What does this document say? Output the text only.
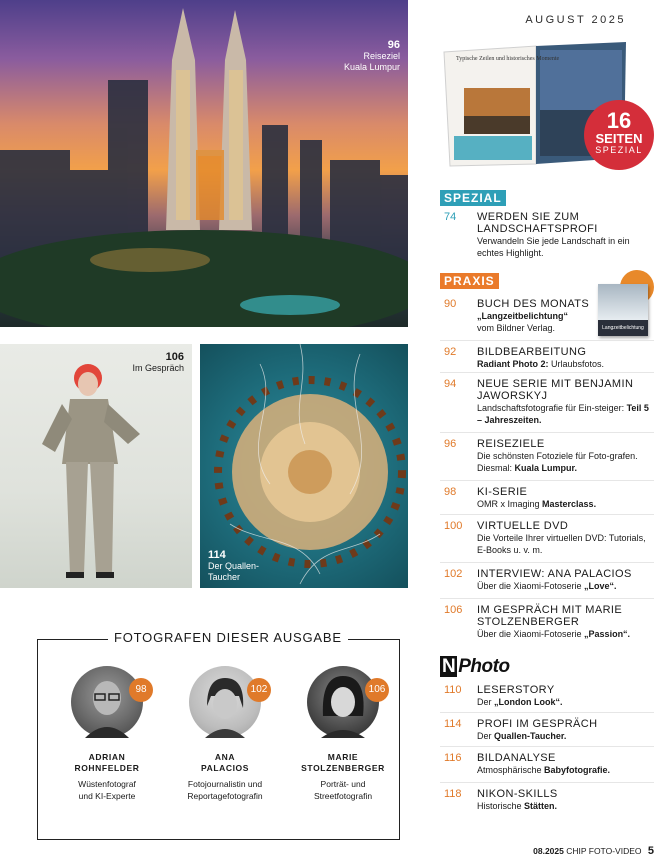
96
Reiseziel Kuala Lumpur
106
Im Gespräch
114
Der Quallen-Taucher
AUGUST 2025
Typische Zeilen und historisches Momente
16
SEITEN
SPEZIAL
SPEZIAL
74	WERDEN SIE ZUM LANDSCHAFTSPROFI
Verwandeln Sie jede Landschaft in ein echtes Highlight.
PRAXIS
Langzeitbelichtung
90	BUCH DES MONATS
„Langzeitbelichtung“
vom Bildner Verlag.
92	BILDBEARBEITUNG
Radiant Photo 2: Urlaubsfotos.
94	NEUE SERIE MIT BENJAMIN JAWORSKYJ
Landschaftsfotografie für Ein-steiger: Teil 5 – Jahreszeiten.
96	REISEZIELE
Die schönsten Fotoziele für Foto-grafen. Diesmal: Kuala Lumpur.
98	KI-SERIE
OMR x Imaging Masterclass.
100	VIRTUELLE DVD
Die Vorteile Ihrer virtuellen DVD: Tutorials, E-Books u. v. m.
102	INTERVIEW: ANA PALACIOS
Über die Xiaomi-Fotoserie „Love“.
106	IM GESPRÄCH MIT MARIE STOLZENBERGER
Über die Xiaomi-Fotoserie „Passion“.
N Photo
110	LESERSTORY
Der „London Look“.
114	PROFI IM GESPRÄCH
Der Quallen-Taucher.
116	BILDANALYSE
Atmosphärische Babyfotografie.
118	NIKON-SKILLS
Historische Stätten.
FOTOGRAFEN DIESER AUSGABE
98
ADRIAN
ROHNFELDER
Wüstenfotograf
und KI-Experte
102
ANA
PALACIOS
Fotojournalistin und
Reportagefotografin
106
MARIE
STOLZENBERGER
Porträt- und
Streetfotografin
08.2025 CHIP FOTO-VIDEO 5
